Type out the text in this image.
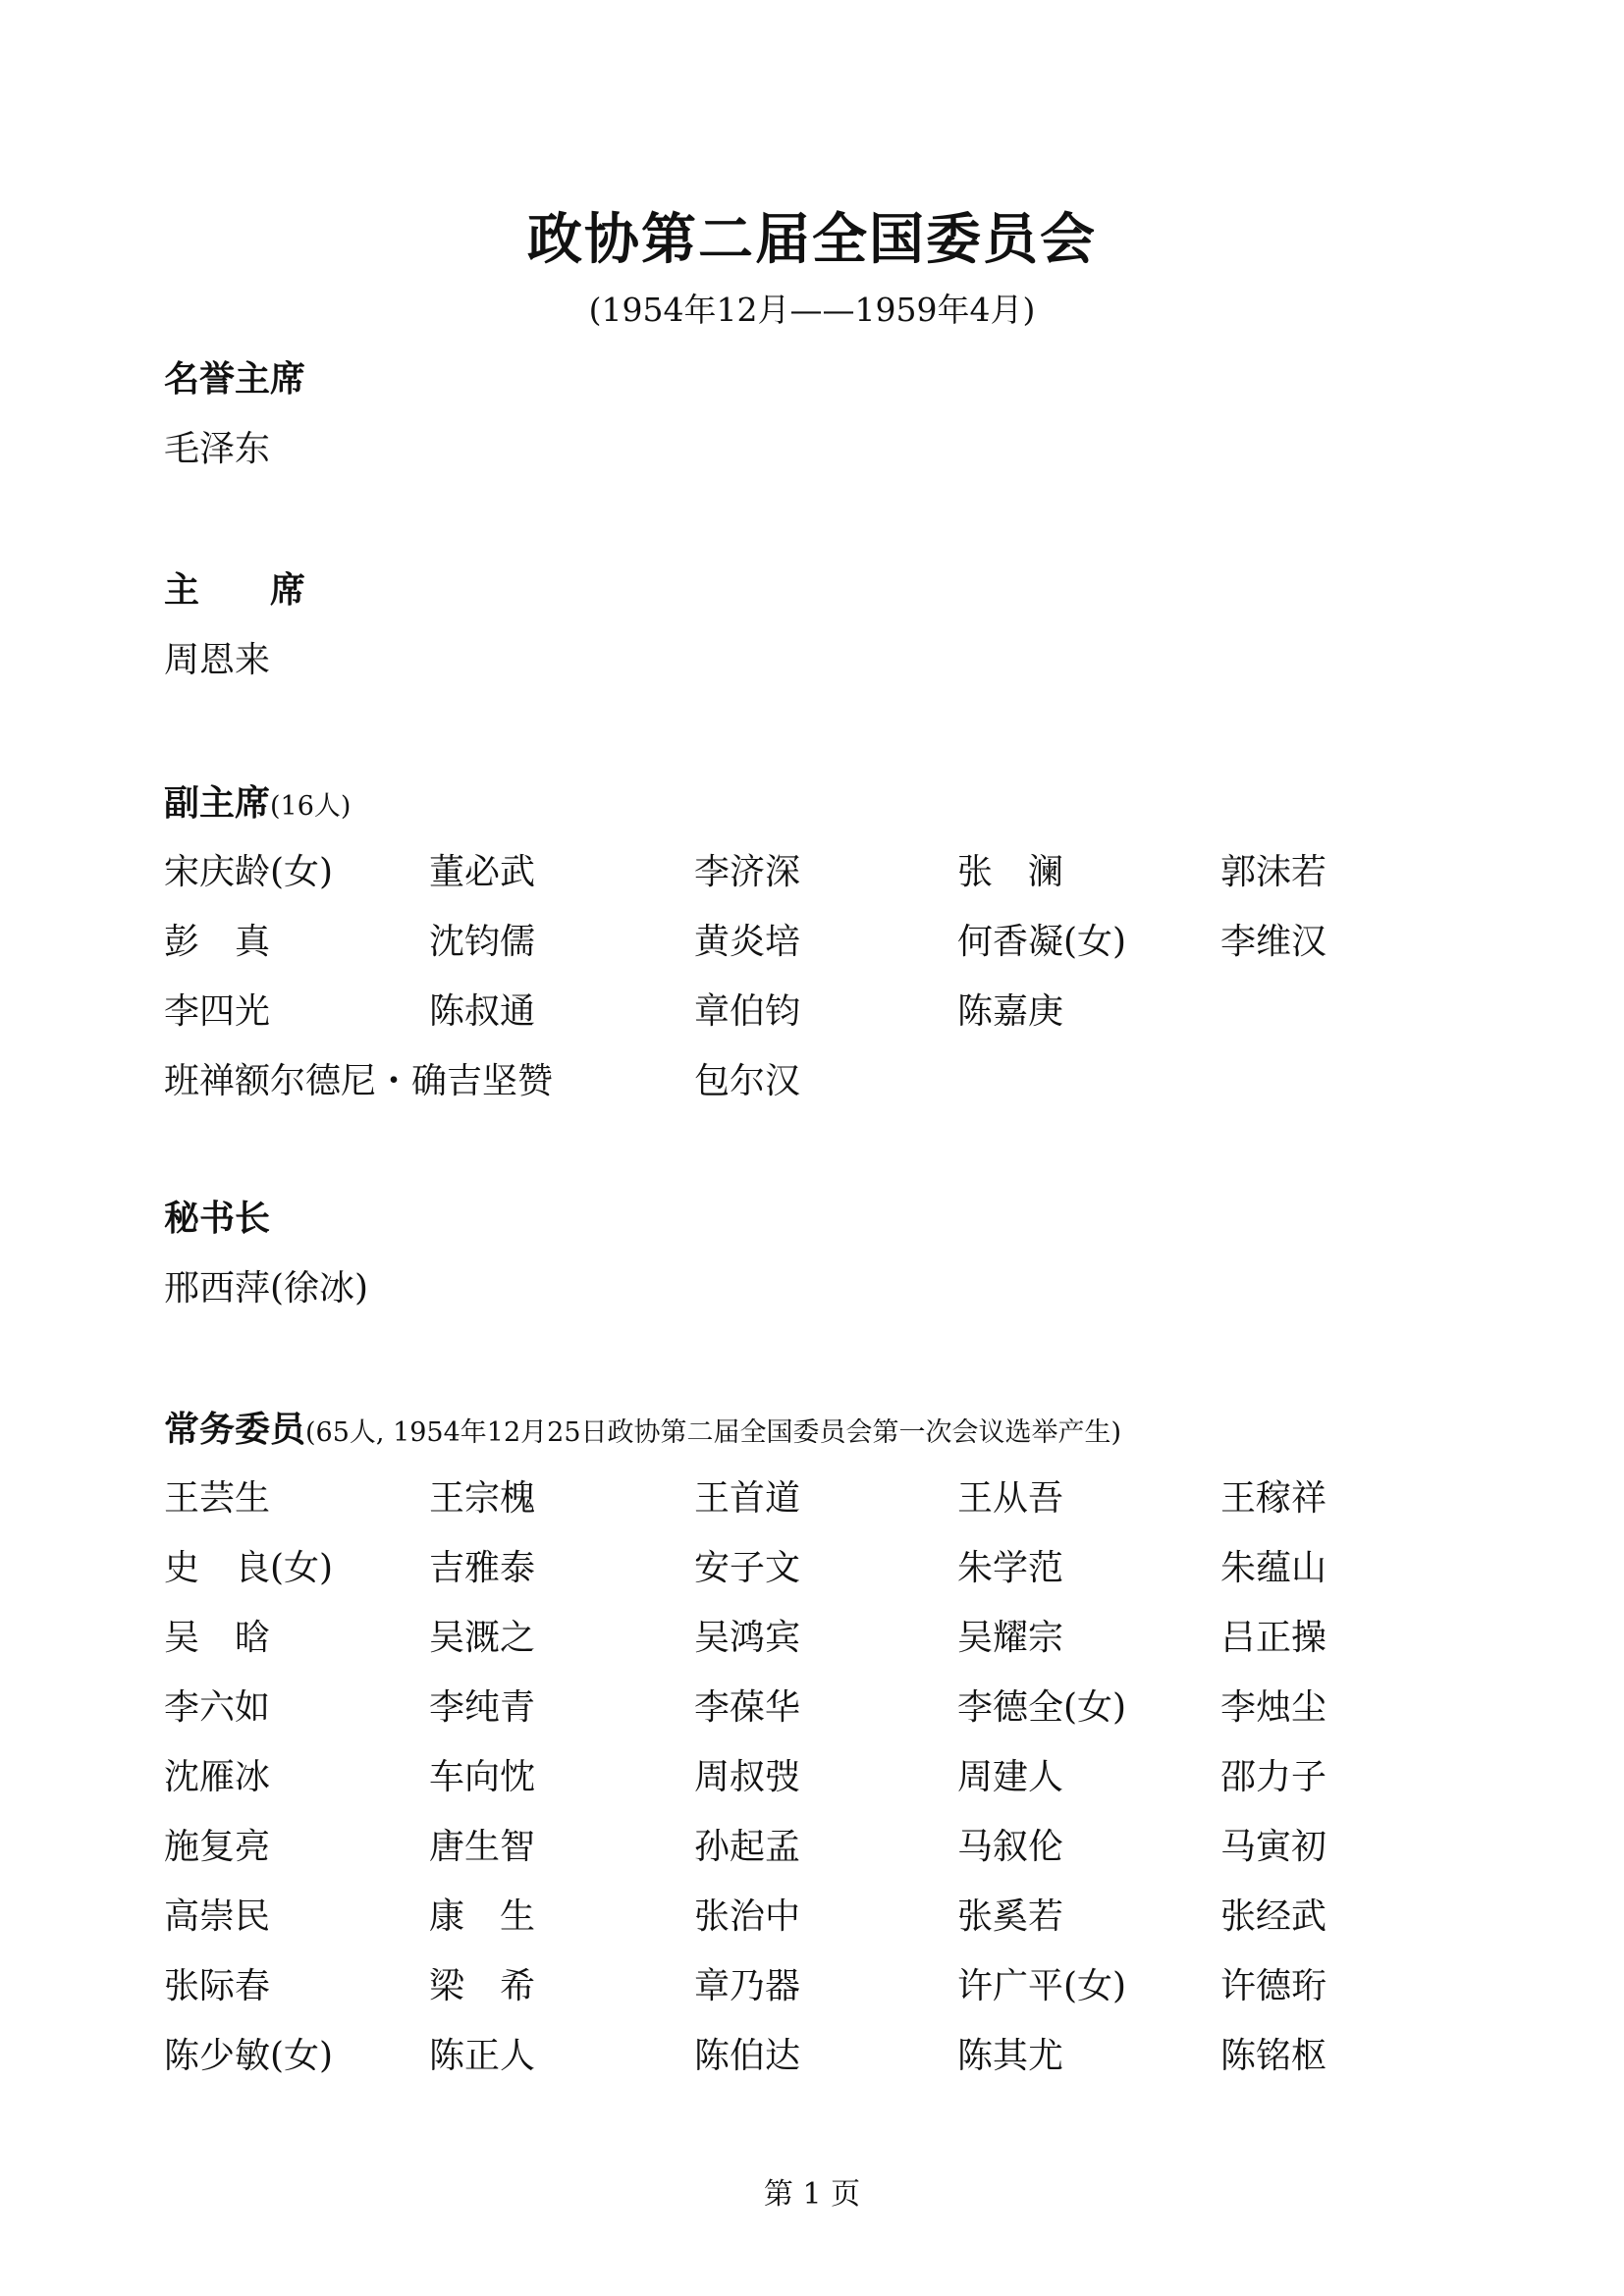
政协第二届全国委员会
(1954年12月——1959年4月)
名誉主席
毛泽东
主　　席
周恩来
副主席(16人)
宋庆龄(女)	董必武	李济深	张　澜	郭沫若
彭　真	沈钧儒	黄炎培	何香凝(女)	李维汉
李四光	陈叔通	章伯钧	陈嘉庚
班禅额尔德尼・确吉坚赞	包尔汉
秘书长
邢西萍(徐冰)
常务委员(65人, 1954年12月25日政协第二届全国委员会第一次会议选举产生)
王芸生	王宗槐	王首道	王从吾	王稼祥
史　良(女)	吉雅泰	安子文	朱学范	朱蕴山
吴　晗	吴溉之	吴鸿宾	吴耀宗	吕正操
李六如	李纯青	李葆华	李德全(女)	李烛尘
沈雁冰	车向忱	周叔弢	周建人	邵力子
施复亮	唐生智	孙起孟	马叙伦	马寅初
高崇民	康　生	张治中	张奚若	张经武
张际春	梁　希	章乃器	许广平(女)	许德珩
陈少敏(女)	陈正人	陈伯达	陈其尤	陈铭枢
第 1 页
